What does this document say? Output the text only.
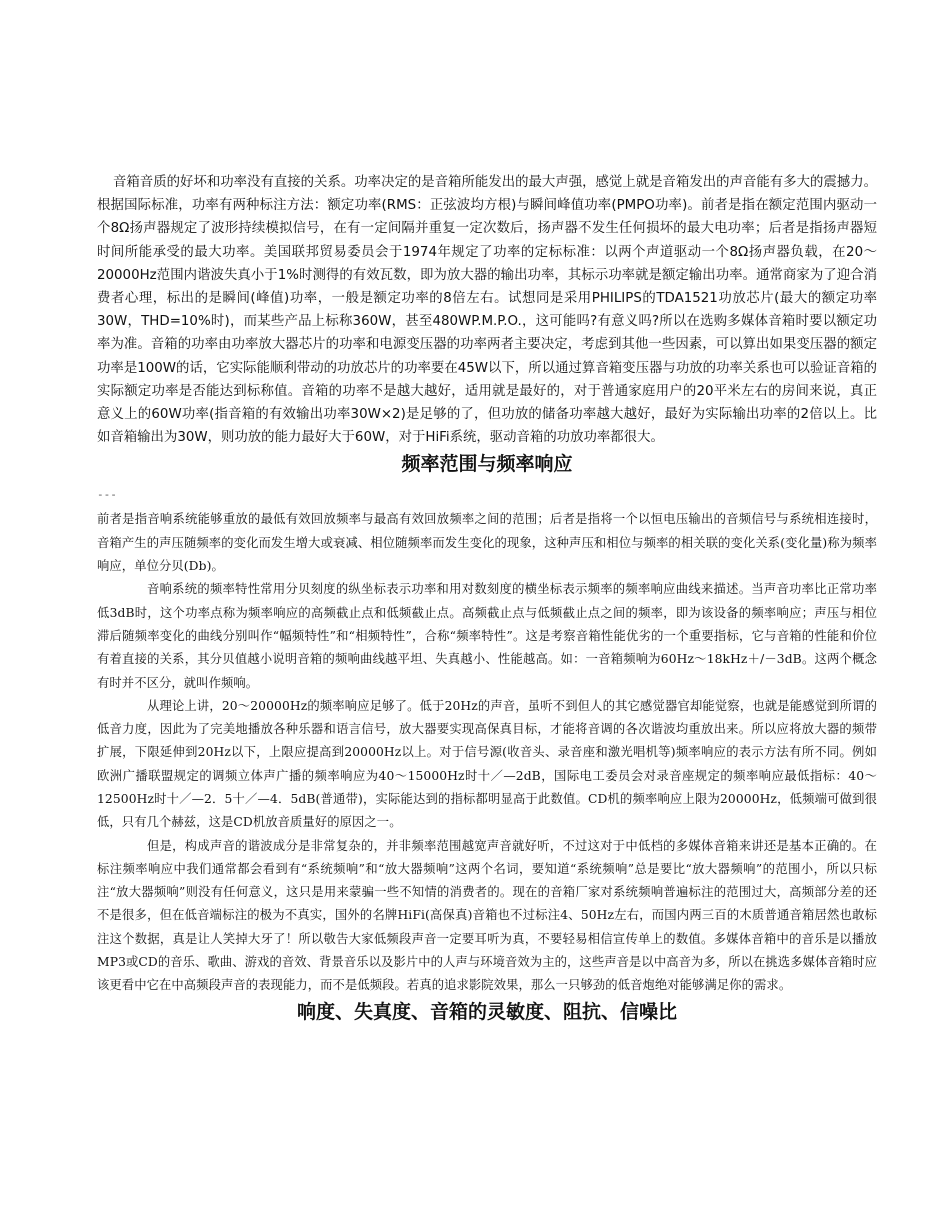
音箱音质的好坏和功率没有直接的关系。功率决定的是音箱所能发出的最大声强，感觉上就是音箱发出的声音能有多大的震撼力。根据国际标准，功率有两种标注方法：额定功率(RMS：正弦波均方根)与瞬间峰值功率(PMPO功率)。前者是指在额定范围内驱动一个8Ω扬声器规定了波形持续模拟信号，在有一定间隔并重复一定次数后，扬声器不发生任何损坏的最大电功率；后者是指扬声器短时间所能承受的最大功率。美国联邦贸易委员会于1974年规定了功率的定标标准：以两个声道驱动一个8Ω扬声器负载，在20～20000Hz范围内谐波失真小于1%时测得的有效瓦数，即为放大器的输出功率，其标示功率就是额定输出功率。通常商家为了迎合消费者心理，标出的是瞬间(峰值)功率，一般是额定功率的8倍左右。试想同是采用PHILIPS的TDA1521功放芯片(最大的额定功率30W，THD=10%时)，而某些产品上标称360W，甚至480WP.M.P.O.，这可能吗?有意义吗?所以在选购多媒体音箱时要以额定功率为准。音箱的功率由功率放大器芯片的功率和电源变压器的功率两者主要决定，考虑到其他一些因素，可以算出如果变压器的额定功率是100W的话，它实际能顺利带动的功放芯片的功率要在45W以下，所以通过算音箱变压器与功放的功率关系也可以验证音箱的实际额定功率是否能达到标称值。音箱的功率不是越大越好，适用就是最好的，对于普通家庭用户的20平米左右的房间来说，真正意义上的60W功率(指音箱的有效输出功率30W×2)是足够的了，但功放的储备功率越大越好，最好为实际输出功率的2倍以上。比如音箱输出为30W，则功放的能力最好大于60W，对于HiFi系统，驱动音箱的功放功率都很大。

频率范围与频率响应
---

前者是指音响系统能够重放的最低有效回放频率与最高有效回放频率之间的范围；后者是指将一个以恒电压输出的音频信号与系统相连接时，音箱产生的声压随频率的变化而发生增大或衰减、相位随频率而发生变化的现象，这种声压和相位与频率的相关联的变化关系(变化量)称为频率响应，单位分贝(Db)。

音响系统的频率特性常用分贝刻度的纵坐标表示功率和用对数刻度的横坐标表示频率的频率响应曲线来描述。当声音功率比正常功率低3dB时，这个功率点称为频率响应的高频截止点和低频截止点。高频截止点与低频截止点之间的频率，即为该设备的频率响应；声压与相位滞后随频率变化的曲线分别叫作“幅频特性”和“相频特性”，合称“频率特性”。这是考察音箱性能优劣的一个重要指标，它与音箱的性能和价位有着直接的关系，其分贝值越小说明音箱的频响曲线越平坦、失真越小、性能越高。如：一音箱频响为60Hz～18kHz＋/－3dB。这两个概念有时并不区分，就叫作频响。

从理论上讲，20～20000Hz的频率响应足够了。低于20Hz的声音，虽听不到但人的其它感觉器官却能觉察，也就是能感觉到所谓的低音力度，因此为了完美地播放各种乐器和语言信号，放大器要实现高保真目标，才能将音调的各次谐波均重放出来。所以应将放大器的频带扩展，下限延伸到20Hz以下，上限应提高到20000Hz以上。对于信号源(收音头、录音座和激光唱机等)频率响应的表示方法有所不同。例如欧洲广播联盟规定的调频立体声广播的频率响应为40～15000Hz时十／—2dB，国际电工委员会对录音座规定的频率响应最低指标：40～12500Hz时十／—2．5十／—4．5dB(普通带)，实际能达到的指标都明显高于此数值。CD机的频率响应上限为20000Hz，低频端可做到很低，只有几个赫兹，这是CD机放音质量好的原因之一。

但是，构成声音的谐波成分是非常复杂的，并非频率范围越宽声音就好听，不过这对于中低档的多媒体音箱来讲还是基本正确的。在标注频率响应中我们通常都会看到有“系统频响”和“放大器频响”这两个名词，要知道“系统频响”总是要比“放大器频响”的范围小，所以只标注“放大器频响”则没有任何意义，这只是用来蒙骗一些不知情的消费者的。现在的音箱厂家对系统频响普遍标注的范围过大，高频部分差的还不是很多，但在低音端标注的极为不真实，国外的名牌HiFi(高保真)音箱也不过标注4、50Hz左右，而国内两三百的木质普通音箱居然也敢标注这个数据，真是让人笑掉大牙了！所以敬告大家低频段声音一定要耳听为真，不要轻易相信宣传单上的数值。多媒体音箱中的音乐是以播放MP3或CD的音乐、歌曲、游戏的音效、背景音乐以及影片中的人声与环境音效为主的，这些声音是以中高音为多，所以在挑选多媒体音箱时应该更看中它在中高频段声音的表现能力，而不是低频段。若真的追求影院效果，那么一只够劲的低音炮绝对能够满足你的需求。

响度、失真度、音箱的灵敏度、阻抗、信噪比
